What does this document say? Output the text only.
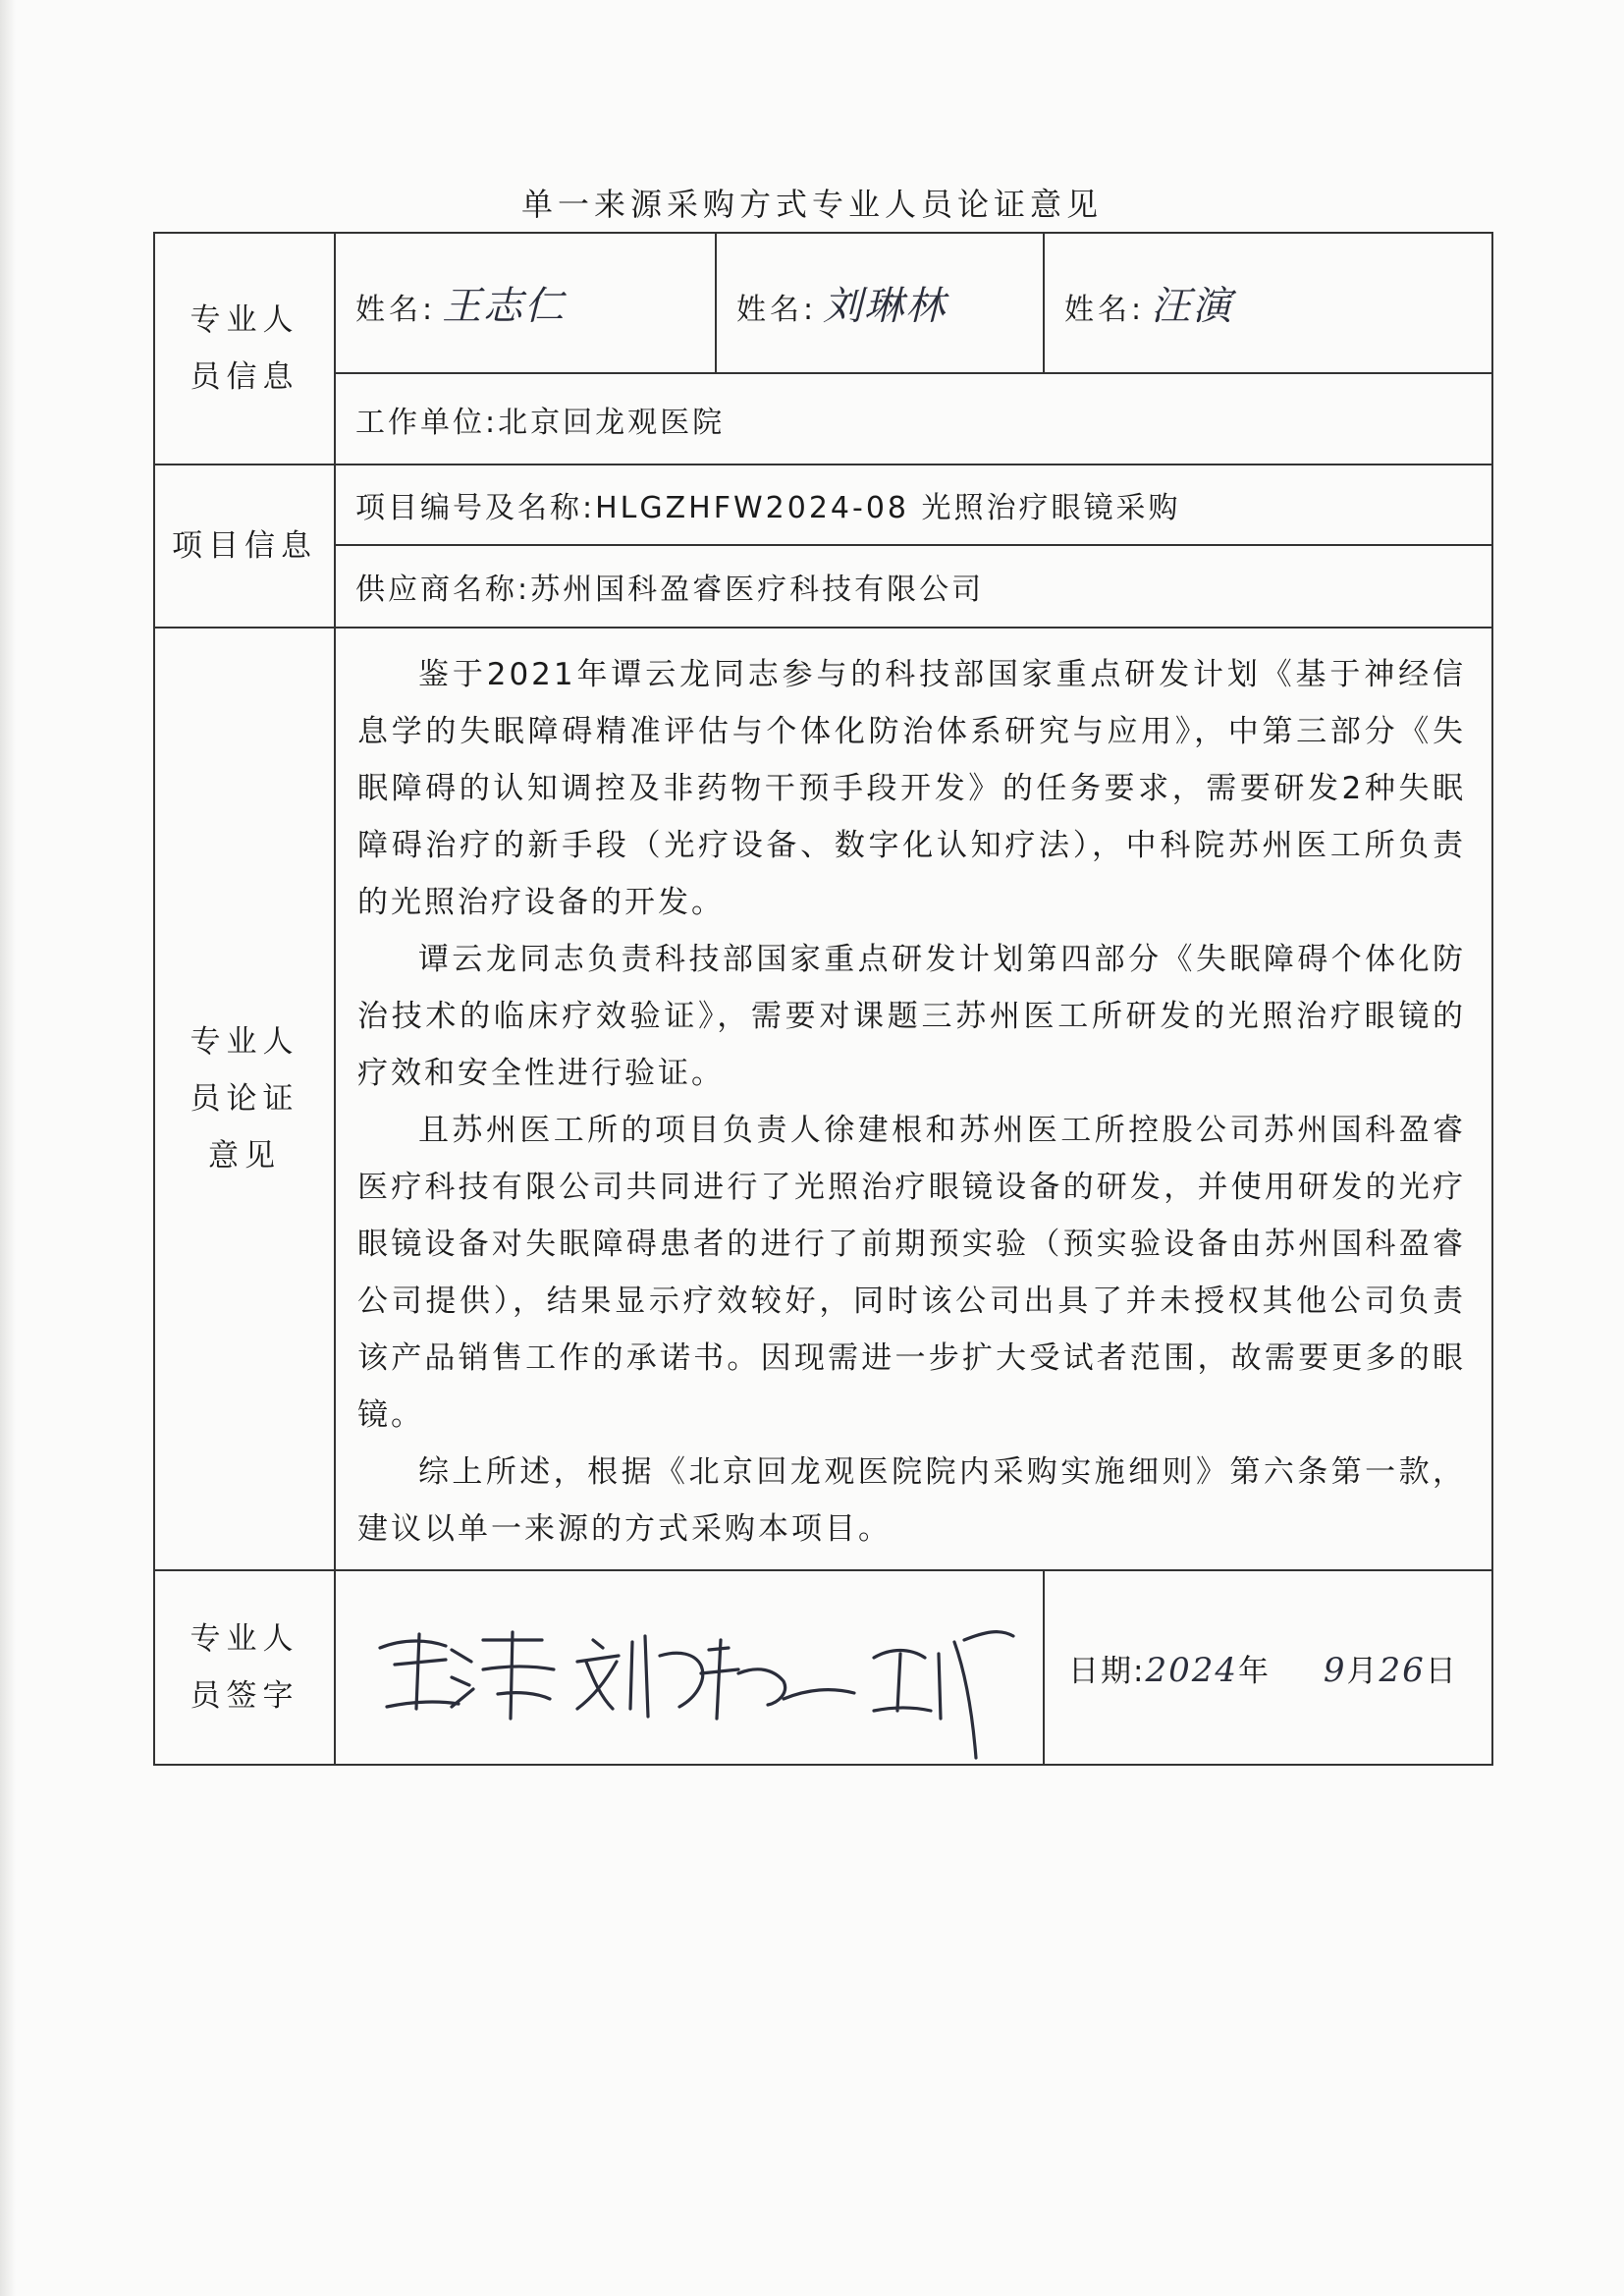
单一来源采购方式专业人员论证意见
专业人员信息	姓名: 王志仁	姓名: 刘琳林	姓名: 汪演
	工作单位:北京回龙观医院		
项目信息	项目编号及名称:HLGZHFW2024-08 光照治疗眼镜采购		
	供应商名称:苏州国科盈睿医疗科技有限公司		

专业人员论证意见	鉴于2021年谭云龙同志参与的科技部国家重点研发计划《基于神经信息学的失眠障碍精准评估与个体化防治体系研究与应用》，中第三部分《失眠障碍的认知调控及非药物干预手段开发》的任务要求，需要研发2种失眠障碍治疗的新手段（光疗设备、数字化认知疗法），中科院苏州医工所负责的光照治疗设备的开发。

谭云龙同志负责科技部国家重点研发计划第四部分《失眠障碍个体化防治技术的临床疗效验证》，需要对课题三苏州医工所研发的光照治疗眼镜的疗效和安全性进行验证。

且苏州医工所的项目负责人徐建根和苏州医工所控股公司苏州国科盈睿医疗科技有限公司共同进行了光照治疗眼镜设备的研发，并使用研发的光疗眼镜设备对失眠障碍患者的进行了前期预实验（预实验设备由苏州国科盈睿公司提供），结果显示疗效较好，同时该公司出具了并未授权其他公司负责该产品销售工作的承诺书。因现需进一步扩大受试者范围，故需要更多的眼镜。

综上所述，根据《北京回龙观医院院内采购实施细则》第六条第一款，建议以单一来源的方式采购本项目。		

专业人员签字			日期:2024年 9月26日
